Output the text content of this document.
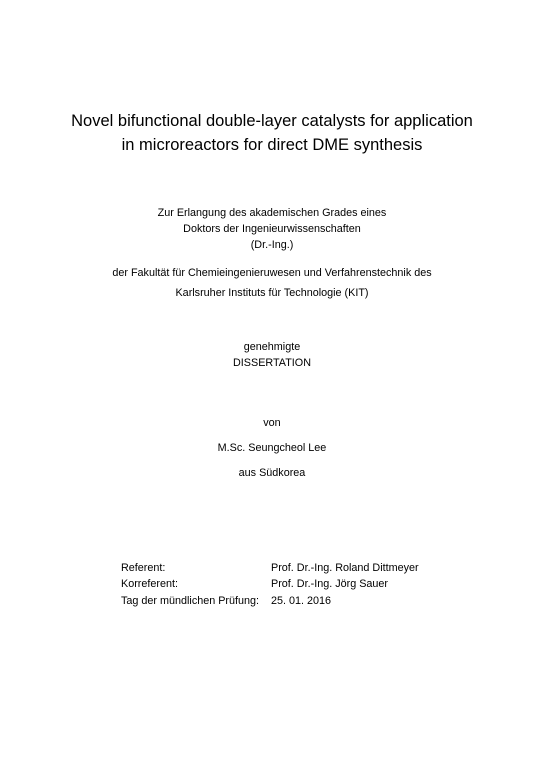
Novel bifunctional double-layer catalysts for application
in microreactors for direct DME synthesis
Zur Erlangung des akademischen Grades eines
Doktors der Ingenieurwissenschaften
(Dr.-Ing.)
der Fakultät für Chemieingenieruwesen und Verfahrenstechnik des
Karlsruher Instituts für Technologie (KIT)
genehmigte
DISSERTATION
von
M.Sc. Seungcheol Lee
aus Südkorea
Referent:	Prof. Dr.-Ing. Roland Dittmeyer
Korreferent:	Prof. Dr.-Ing. Jörg Sauer
Tag der mündlichen Prüfung: 25. 01. 2016
